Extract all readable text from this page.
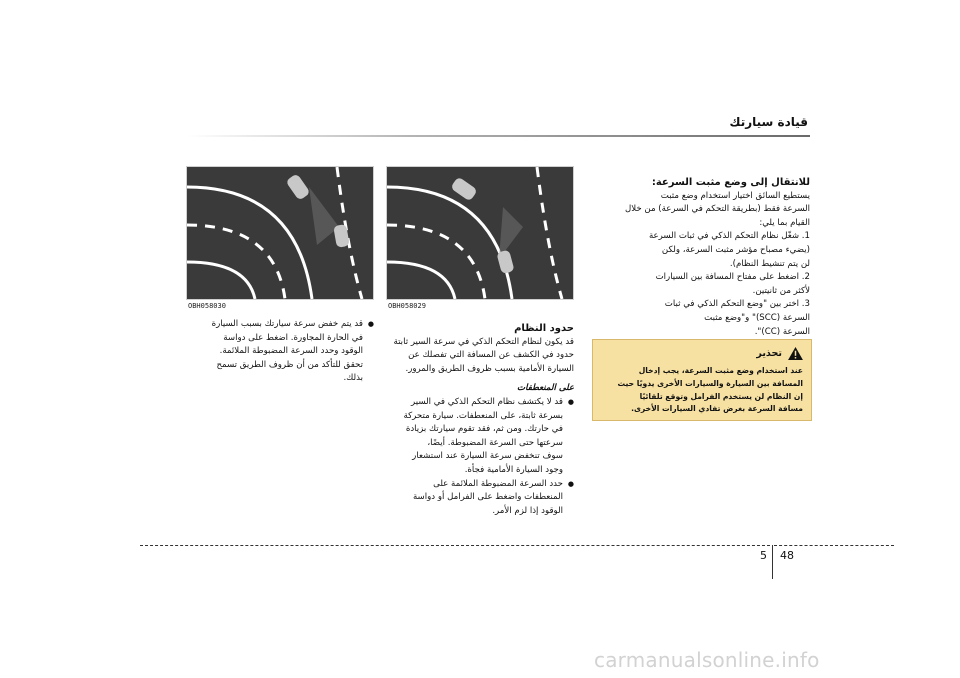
قيادة سيارتك
OBH058030	OBH058029
للانتقال إلى وضع مثبت السرعة:

يستطيع السائق اختيار استخدام وضع مثبت

السرعة فقط (بطريقة التحكم في السرعة) من خلال

القيام بما يلي:

1. شغّل نظام التحكم الذكي في ثبات السرعة

(يضيء مصباح مؤشر مثبت السرعة، ولكن

لن يتم تنشيط النظام).

2. اضغط على مفتاح المسافة بين السيارات

لأكثر من ثانيتين.

3. اختر بين "وضع التحكم الذكي في ثبات

السرعة (SCC)" و"وضع مثبت

السرعة (CC)".

تحذير
عند استخدام وضع مثبت السرعة، يجب إدخال
المسافة بين السيارة والسيارات الأخرى يدويًا حيث
إن النظام لن يستخدم الفرامل وتوقع تلقائيًا
مسافة السرعة بغرض تفادي السيارات الأخرى.
حدود النظام

قد يكون لنظام التحكم الذكي في سرعة السير ثابتة

حدود في الكشف عن المسافة التي تفصلك عن

السيارة الأمامية بسبب ظروف الطريق والمرور.

على المنعطفات

● قد لا يكتشف نظام التحكم الذكي في السير

بسرعة ثابتة، على المنعطفات. سيارة متحركة

في حارتك. ومن ثم، فقد تقوم سيارتك بزيادة

سرعتها حتى السرعة المضبوطة. أيضًا،

سوف تنخفض سرعة السيارة عند استشعار

وجود السيارة الأمامية فجأة.

● حدد السرعة المضبوطة الملائمة على

المنعطفات واضغط على الفرامل أو دواسة

الوقود إذا لزم الأمر.

● قد يتم خفض سرعة سيارتك بسبب السيارة

في الحارة المجاورة. اضغط على دواسة

الوقود وحدد السرعة المضبوطة الملائمة.

تحقق للتأكد من أن ظروف الطريق تسمح

بذلك.

5 48
carmanualsonline.info
